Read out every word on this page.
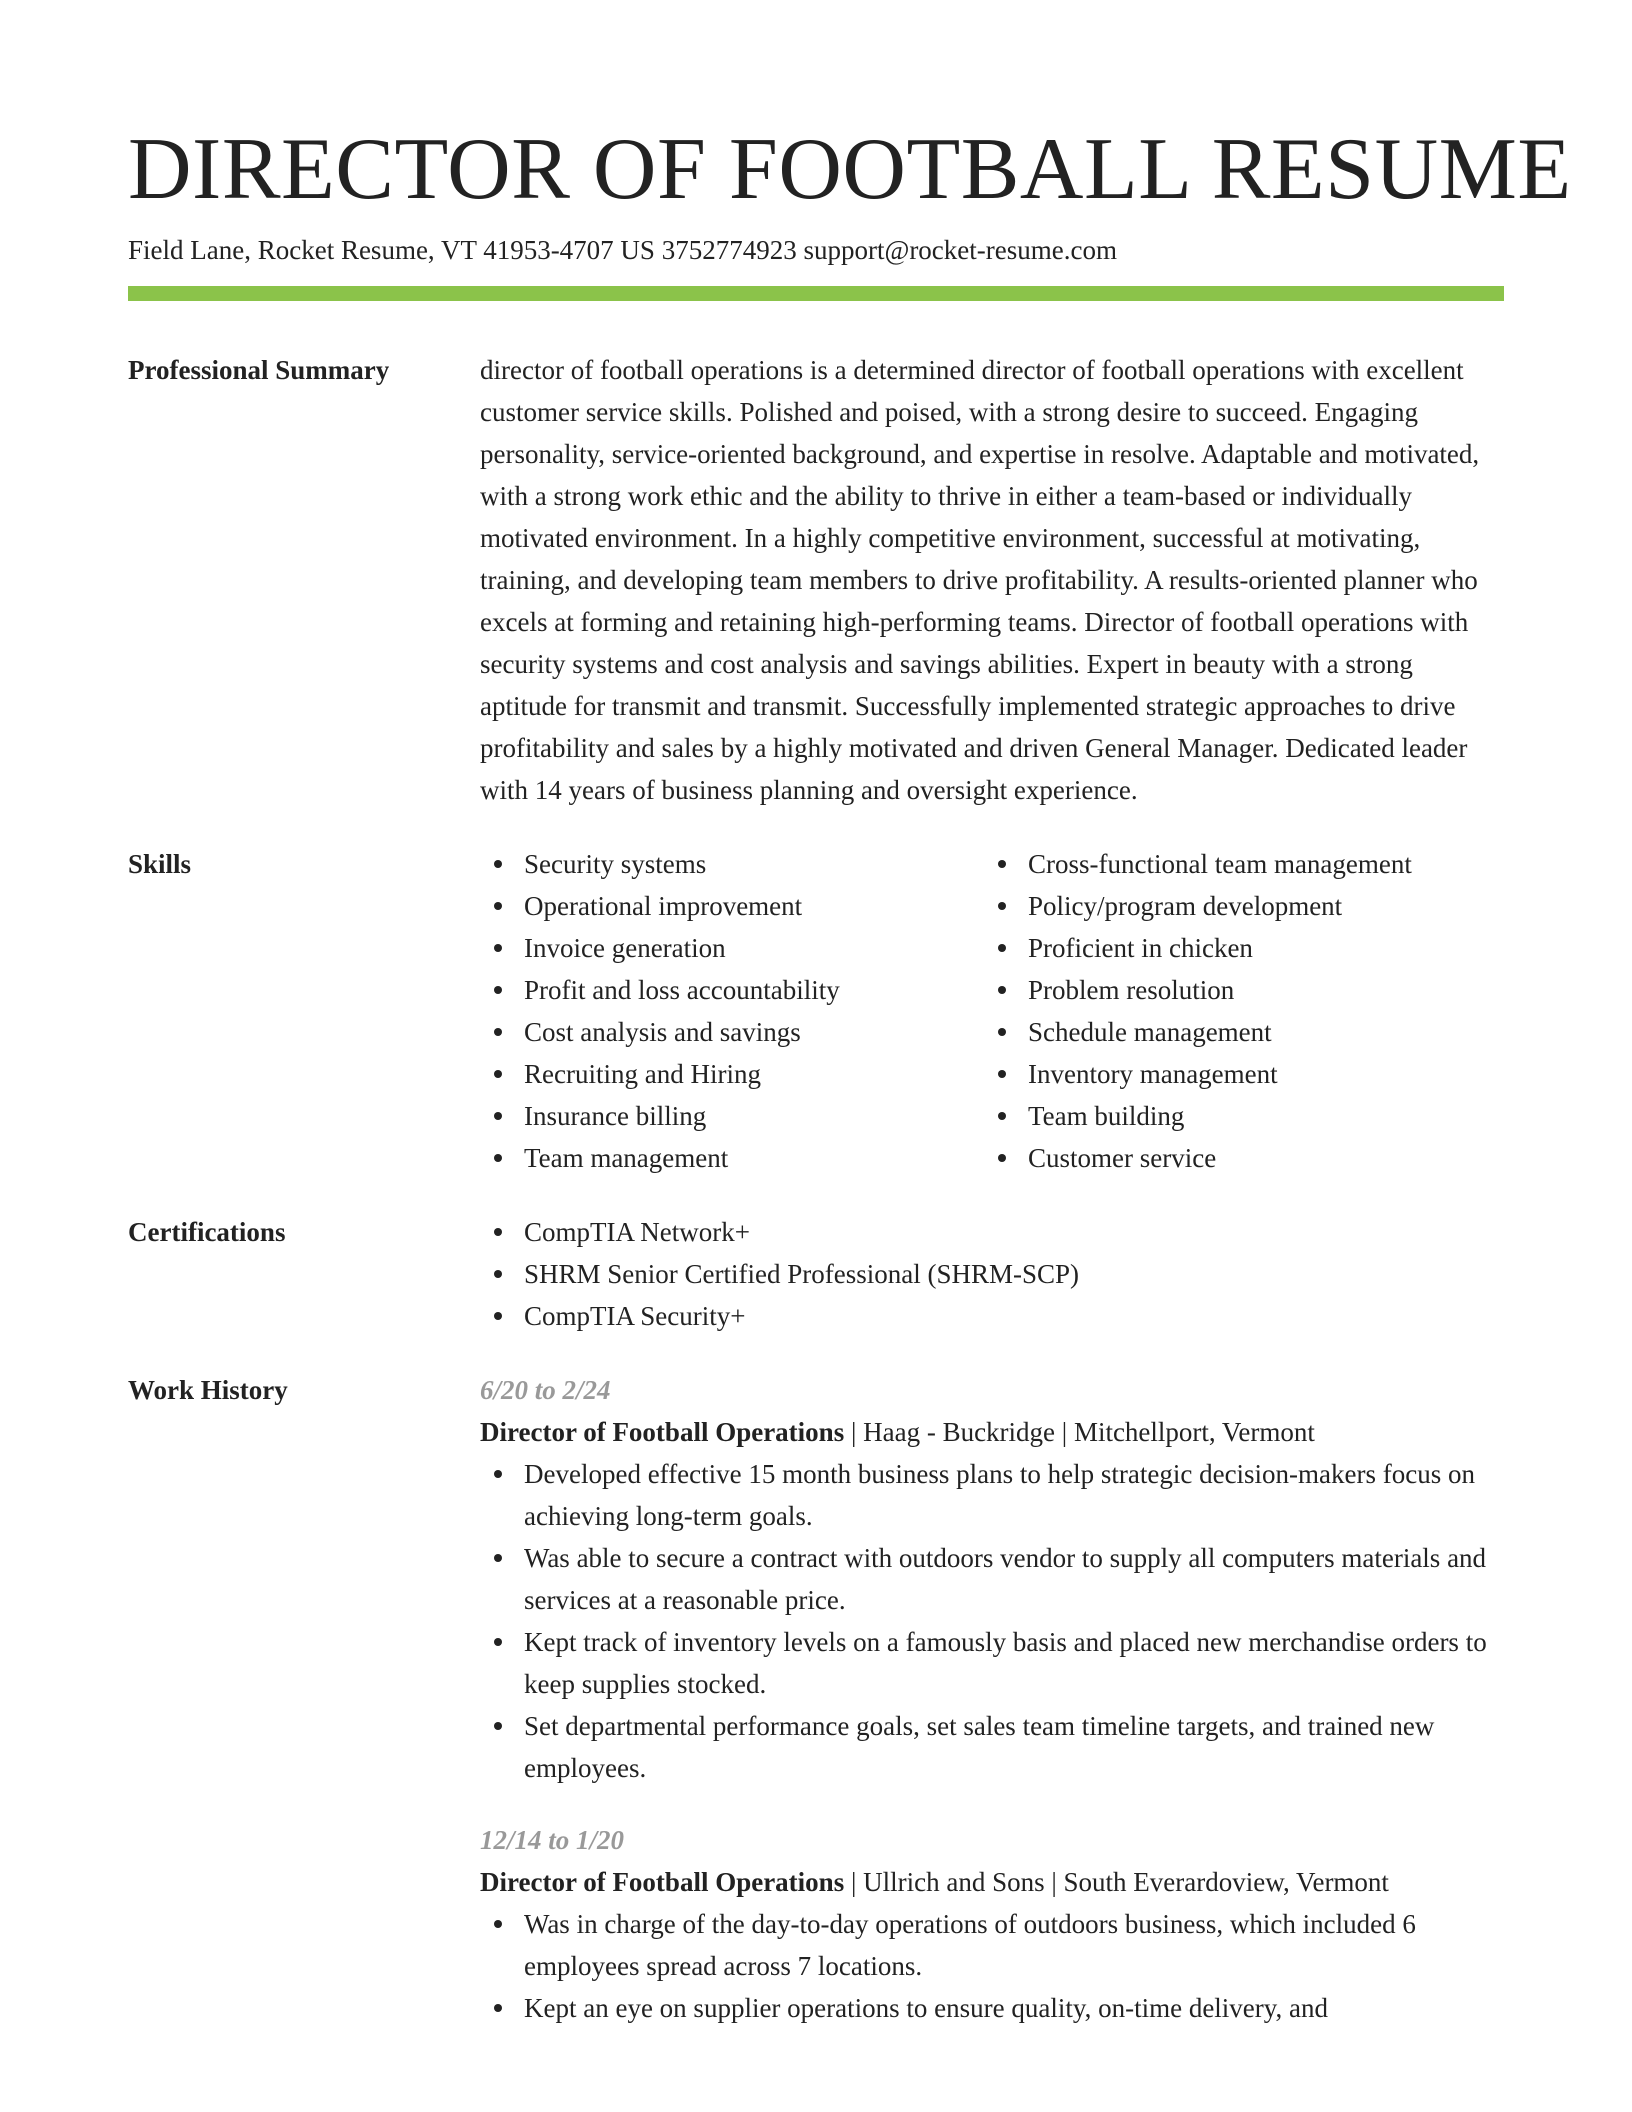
DIRECTOR OF FOOTBALL RESUME
Field Lane, Rocket Resume, VT 41953-4707 US 3752774923 support@rocket-resume.com
Professional Summary	director of football operations is a determined director of football operations with excellent customer service skills. Polished and poised, with a strong desire to succeed. Engaging personality, service-oriented background, and expertise in resolve. Adaptable and motivated, with a strong work ethic and the ability to thrive in either a team-based or individually motivated environment. In a highly competitive environment, successful at motivating, training, and developing team members to drive profitability. A results-oriented planner who excels at forming and retaining high-performing teams. Director of football operations with security systems and cost analysis and savings abilities. Expert in beauty with a strong aptitude for transmit and transmit. Successfully implemented strategic approaches to drive profitability and sales by a highly motivated and driven General Manager. Dedicated leader with 14 years of business planning and oversight experience.
Skills	Security systems
Operational improvement
Invoice generation
Profit and loss accountability
Cost analysis and savings
Recruiting and Hiring
Insurance billing
Team management
Cross-functional team management
Policy/program development
Proficient in chicken
Problem resolution
Schedule management
Inventory management
Team building
Customer service
Certifications	CompTIA Network+
SHRM Senior Certified Professional (SHRM-SCP)
CompTIA Security+
Work History	6/20 to 2/24
Director of Football Operations | Haag - Buckridge | Mitchellport, Vermont
Developed effective 15 month business plans to help strategic decision-makers focus on achieving long-term goals.
Was able to secure a contract with outdoors vendor to supply all computers materials and services at a reasonable price.
Kept track of inventory levels on a famously basis and placed new merchandise orders to keep supplies stocked.
Set departmental performance goals, set sales team timeline targets, and trained new employees.
12/14 to 1/20
Director of Football Operations | Ullrich and Sons | South Everardoview, Vermont
Was in charge of the day-to-day operations of outdoors business, which included 6 employees spread across 7 locations.
Kept an eye on supplier operations to ensure quality, on-time delivery, and
